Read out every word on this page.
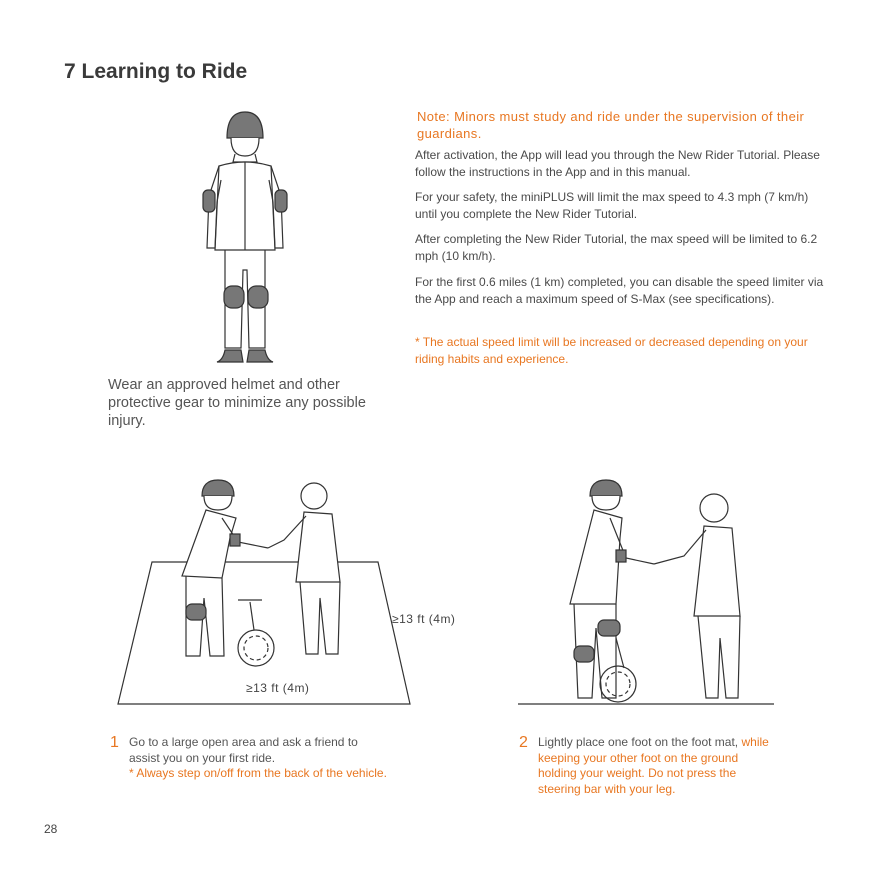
7 Learning to Ride
Note: Minors must study and ride under the supervision of their guardians.
After activation, the App will lead you through the New Rider Tutorial. Please follow the instructions in the App and in this manual.
For your safety, the miniPLUS will limit the max speed to 4.3 mph (7 km/h) until you complete the New Rider Tutorial.
After completing the New Rider Tutorial, the max speed will be limited to 6.2 mph (10 km/h).
For the first 0.6 miles (1 km) completed, you can disable the speed limiter via the App and reach a maximum speed of S-Max (see specifications).
* The actual speed limit will be increased or decreased depending on your riding habits and experience.
Wear an approved helmet and other protective gear to minimize any possible injury.
≥13 ft (4m)
≥13 ft (4m)
1 Go to a large open area and ask a friend to assist you on your first ride.
* Always step on/off from the back of the vehicle.
2 Lightly place one foot on the foot mat, while keeping your other foot on the ground holding your weight. Do not press the steering bar with your leg.
28
